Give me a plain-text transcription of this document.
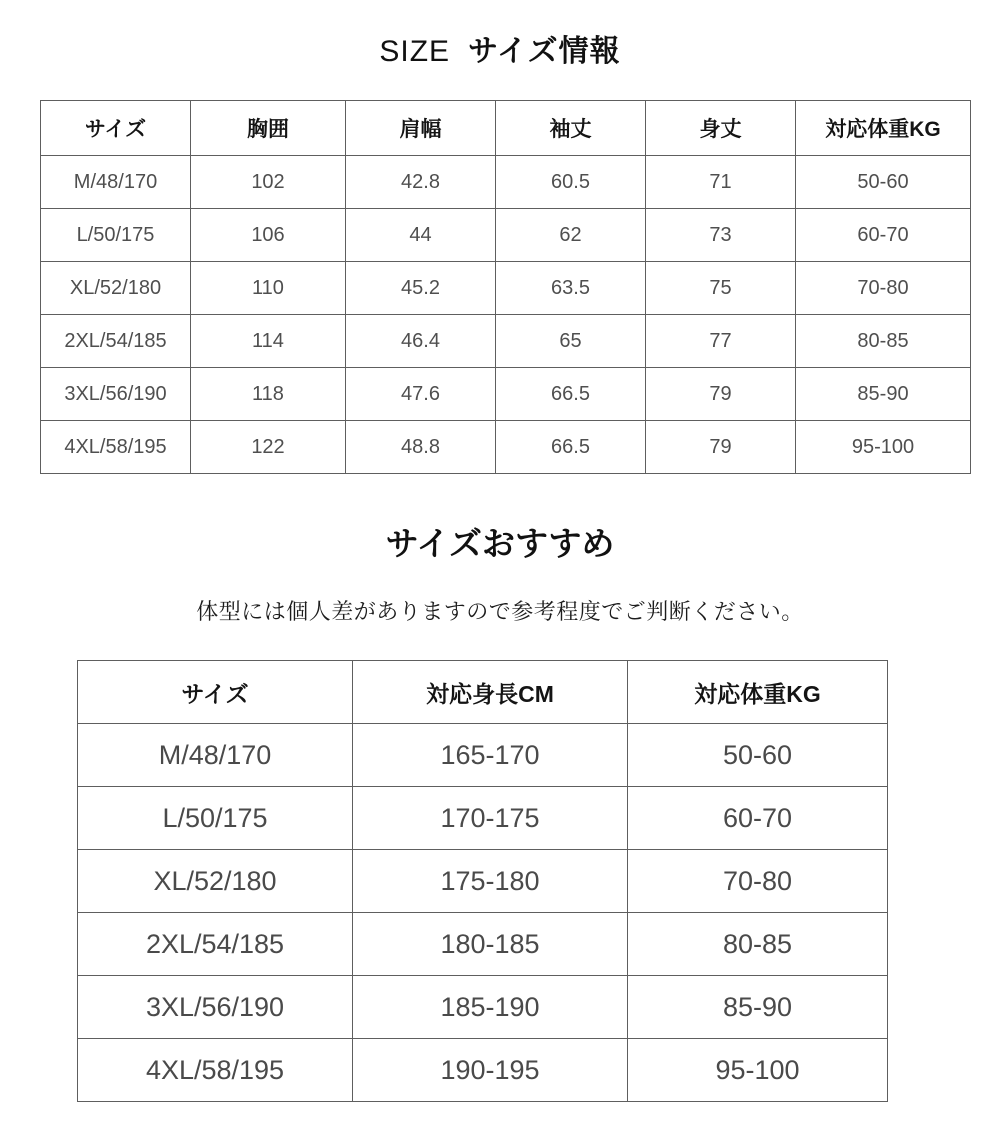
SIZE サイズ情報
サイズ	胸囲	肩幅	袖丈	身丈	対応体重KG
M/48/170	102	42.8	60.5	71	50-60
L/50/175	106	44	62	73	60-70
XL/52/180	110	45.2	63.5	75	70-80
2XL/54/185	114	46.4	65	77	80-85
3XL/56/190	118	47.6	66.5	79	85-90
4XL/58/195	122	48.8	66.5	79	95-100
サイズおすすめ
体型には個人差がありますので参考程度でご判断ください。
サイズ	対応身長CM	対応体重KG
M/48/170	165-170	50-60
L/50/175	170-175	60-70
XL/52/180	175-180	70-80
2XL/54/185	180-185	80-85
3XL/56/190	185-190	85-90
4XL/58/195	190-195	95-100
